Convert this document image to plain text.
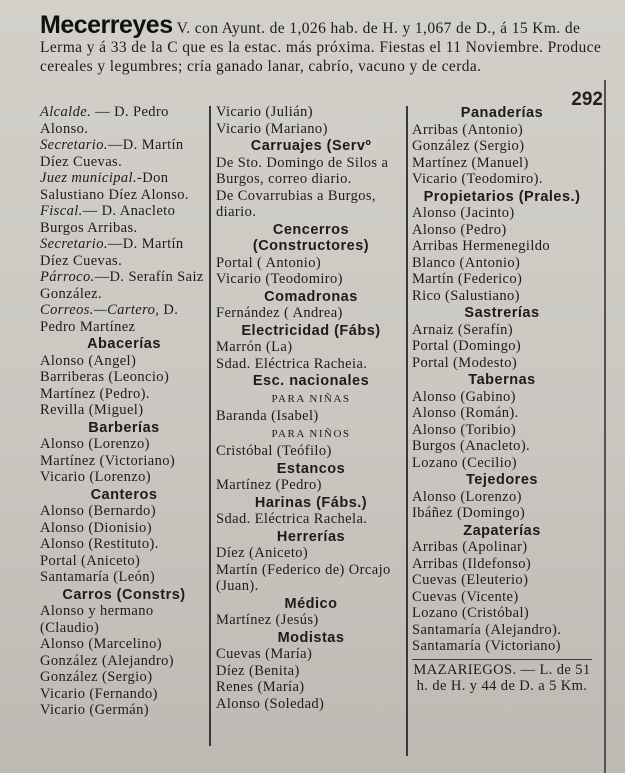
Mecerreyes V. con Ayunt. de 1,026 hab. de H. y 1,067 de D., á 15 Km. de Lerma y á 33 de la C que es la estac. más próxima. Fiestas el 11 Noviembre. Produce cereales y legumbres; cría ganado lanar, cabrío, vacuno y de cerda.
292
Alcalde. — D. Pedro Alonso.
Secretario.—D. Martín Díez Cuevas.
Juez municipal.-Don Salustiano Díez Alonso.
Fiscal.— D. Anacleto Burgos Arribas.
Secretario.—D. Martín Díez Cuevas.
Párroco.—D. Serafín Saiz González.
Correos.—Cartero, D. Pedro Martínez
Abacerías
Alonso (Angel)
Barriberas (Leoncio)
Martínez (Pedro).
Revilla (Miguel)
Barberías
Alonso (Lorenzo)
Martínez (Victoriano)
Vicario (Lorenzo)
Canteros
Alonso (Bernardo)
Alonso (Dionisio)
Alonso (Restituto).
Portal (Aniceto)
Santamaría (León)
Carros (Constrs)
Alonso y hermano (Claudio)
Alonso (Marcelino)
González (Alejandro)
González (Sergio)
Vicario (Fernando)
Vicario (Germán)
Vicario (Julián)
Vicario (Mariano)
Carruajes (Servº
De Sto. Domingo de Silos a Burgos, correo diario.
De Covarrubias a Burgos, diario.
Cencerros (Constructores)
Portal ( Antonio)
Vicario (Teodomiro)
Comadronas
Fernández ( Andrea)
Electricidad (Fábs)
Marrón (La)
Sdad. Eléctrica Racheia.
Esc. nacionales
PARA NIÑAS
Baranda (Isabel)
PARA NIÑOS
Cristóbal (Teófilo)
Estancos
Martínez (Pedro)
Harinas (Fábs.)
Sdad. Eléctrica Rachela.
Herrerías
Díez (Aniceto)
Martín (Federico de) Orcajo (Juan).
Médico
Martínez (Jesús)
Modistas
Cuevas (María)
Díez (Benita)
Renes (María)
Alonso (Soledad)
Panaderías
Arribas (Antonio)
González (Sergio)
Martínez (Manuel)
Vicario (Teodomiro).
Propietarios (Prales.)
Alonso (Jacinto)
Alonso (Pedro)
Arribas Hermenegildo
Blanco (Antonio)
Martín (Federico)
Rico (Salustiano)
Sastrerías
Arnaiz (Serafín)
Portal (Domingo)
Portal (Modesto)
Tabernas
Alonso (Gabino)
Alonso (Román).
Alonso (Toribio)
Burgos (Anacleto).
Lozano (Cecilio)
Tejedores
Alonso (Lorenzo)
Ibáñez (Domingo)
Zapaterías
Arribas (Apolinar)
Arribas (Ildefonso)
Cuevas (Eleuterio)
Cuevas (Vicente)
Lozano (Cristóbal)
Santamaría (Alejandro).
Santamaría (Victoriano)
MAZARIEGOS. — L. de 51 h. de H. y 44 de D. a 5 Km.
